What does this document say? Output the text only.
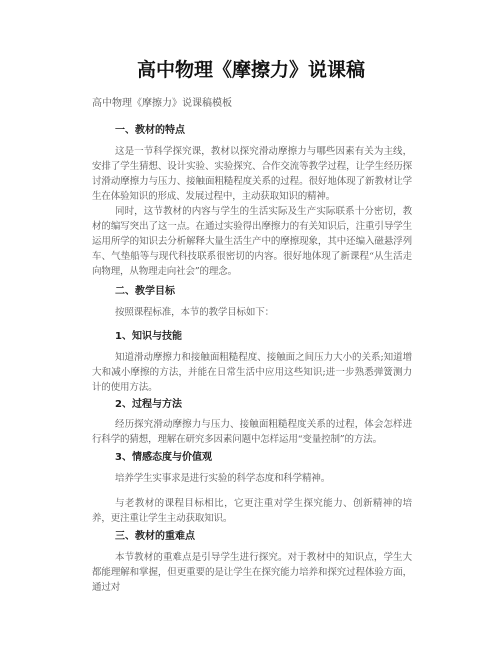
高中物理《摩擦力》说课稿

高中物理《摩擦力》说课稿模板

一、教材的特点

这是一节科学探究课，教材以探究滑动摩擦力与哪些因素有关为主线，安排了学生猜想、设计实验、实验探究、合作交流等教学过程，让学生经历探讨滑动摩擦力与压力、接触面粗糙程度关系的过程。很好地体现了新教材让学生在体验知识的形成、发展过程中，主动获取知识的精神。

同时，这节教材的内容与学生的生活实际及生产实际联系十分密切，教材的编写突出了这一点。在通过实验得出摩擦力的有关知识后，注重引导学生运用所学的知识去分析解释大量生活生产中的摩擦现象，其中还编入磁悬浮列车、气垫船等与现代科技联系很密切的内容。很好地体现了新课程“从生活走向物理，从物理走向社会”的理念。

二、教学目标

按照课程标准，本节的教学目标如下：

1、知识与技能

知道滑动摩擦力和接触面粗糙程度、接触面之间压力大小的关系;知道增大和减小摩擦的方法，并能在日常生活中应用这些知识;进一步熟悉弹簧测力计的使用方法。

2、过程与方法

经历探究滑动摩擦力与压力、接触面粗糙程度关系的过程，体会怎样进行科学的猜想，理解在研究多因素问题中怎样运用“变量控制”的方法。

3、情感态度与价值观

培养学生实事求是进行实验的科学态度和科学精神。

与老教材的课程目标相比，它更注重对学生探究能力、创新精神的培养，更注重让学生主动获取知识。

三、教材的重难点

本节教材的重难点是引导学生进行探究。对于教材中的知识点，学生大都能理解和掌握，但更重要的是让学生在探究能力培养和探究过程体验方面，通过对
